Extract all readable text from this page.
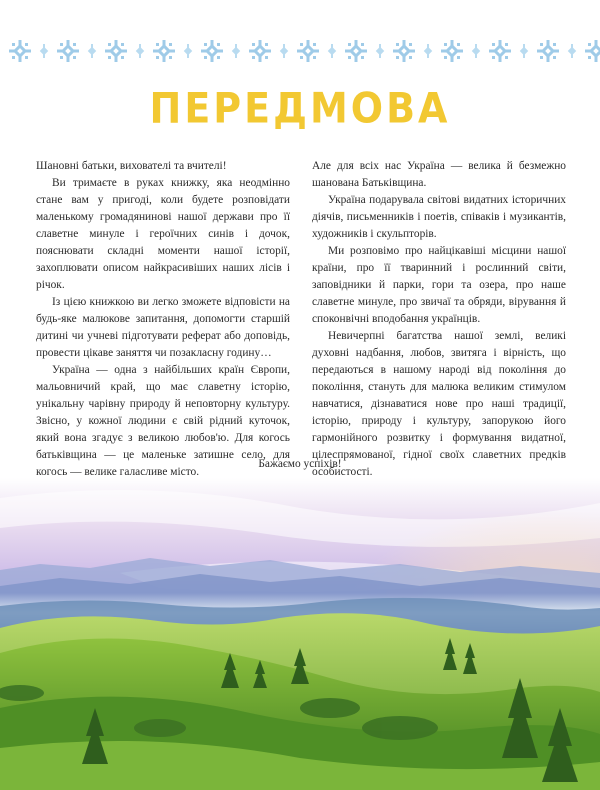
ПЕРЕДМОВА

Шановні батьки, вихователі та вчителі!

Ви тримаєте в руках книжку, яка неодмінно стане вам у пригоді, коли будете розповідати маленькому громадянинові нашої держави про її славетне минуле і героїчних синів і дочок, пояснювати складні моменти нашої історії, захоплювати описом найкрасивіших наших лісів і річок.

Із цією книжкою ви легко зможете відповісти на будь-яке малюкове запитання, допомогти старшій дитині чи учневі підготувати реферат або доповідь, провести цікаве заняття чи позакласну годину…

Україна — одна з найбільших країн Європи, мальовничий край, що має славетну історію, унікальну чарівну природу й неповторну культуру. Звісно, у кожної людини є свій рідний куточок, який вона згадує з великою любов'ю. Для когось батьківщина — це маленьке затишне село, для когось — велике галасливе місто.

Але для всіх нас Україна — велика й безмежно шанована Батьківщина.

Україна подарувала світові видатних історичних діячів, письменників і поетів, співаків і музикантів, художників і скульпторів.

Ми розповімо про найцікавіші місцини нашої країни, про її тваринний і рослинний світи, заповідники й парки, гори та озера, про наше славетне минуле, про звичаї та обряди, вірування й споконвічні вподобання українців.

Невичерпні багатства нашої землі, великі духовні надбання, любов, звитяга і вірність, що передаються в нашому народі від покоління до покоління, стануть для малюка великим стимулом навчатися, дізнаватися нове про наші традиції, історію, природу і культуру, запорукою його гармонійного розвитку і формування видатної, цілеспрямованої, гідної своїх славетних предків особистості.

Бажаємо успіхів!
